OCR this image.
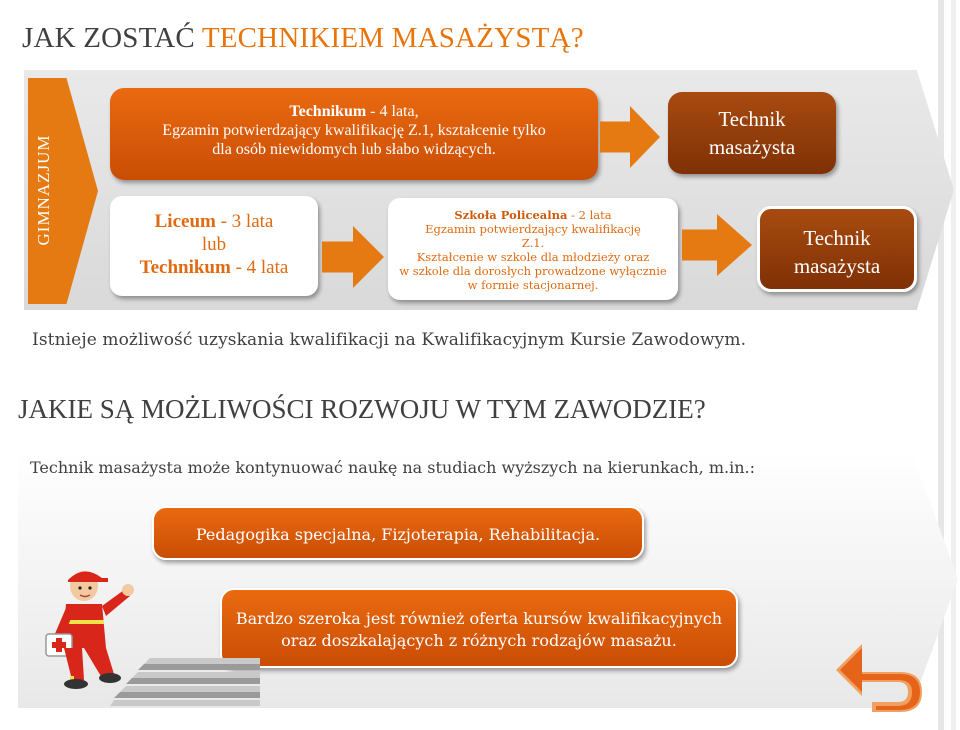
JAK ZOSTAĆ TECHNIKIEM MASAŻYSTĄ?
GIMNAZJUM
Technikum - 4 lata,
Egzamin potwierdzający kwalifikację Z.1, kształcenie tylko
dla osób niewidomych lub słabo widzących.
Technik
masażysta
Liceum - 3 lata
lub
Technikum - 4 lata
Szkoła Policealna - 2 lata
Egzamin potwierdzający kwalifikację
Z.1.
Kształcenie w szkole dla młodzieży oraz
w szkole dla dorosłych prowadzone wyłącznie
w formie stacjonarnej.
Technik
masażysta
Istnieje możliwość uzyskania kwalifikacji na Kwalifikacyjnym Kursie Zawodowym.
JAKIE SĄ MOŻLIWOŚCI ROZWOJU W TYM ZAWODZIE?
Technik masażysta może kontynuować naukę na studiach wyższych na kierunkach, m.in.:
Pedagogika specjalna, Fizjoterapia, Rehabilitacja.
Bardzo szeroka jest również oferta kursów kwalifikacyjnych
oraz doszkalających z różnych rodzajów masażu.
